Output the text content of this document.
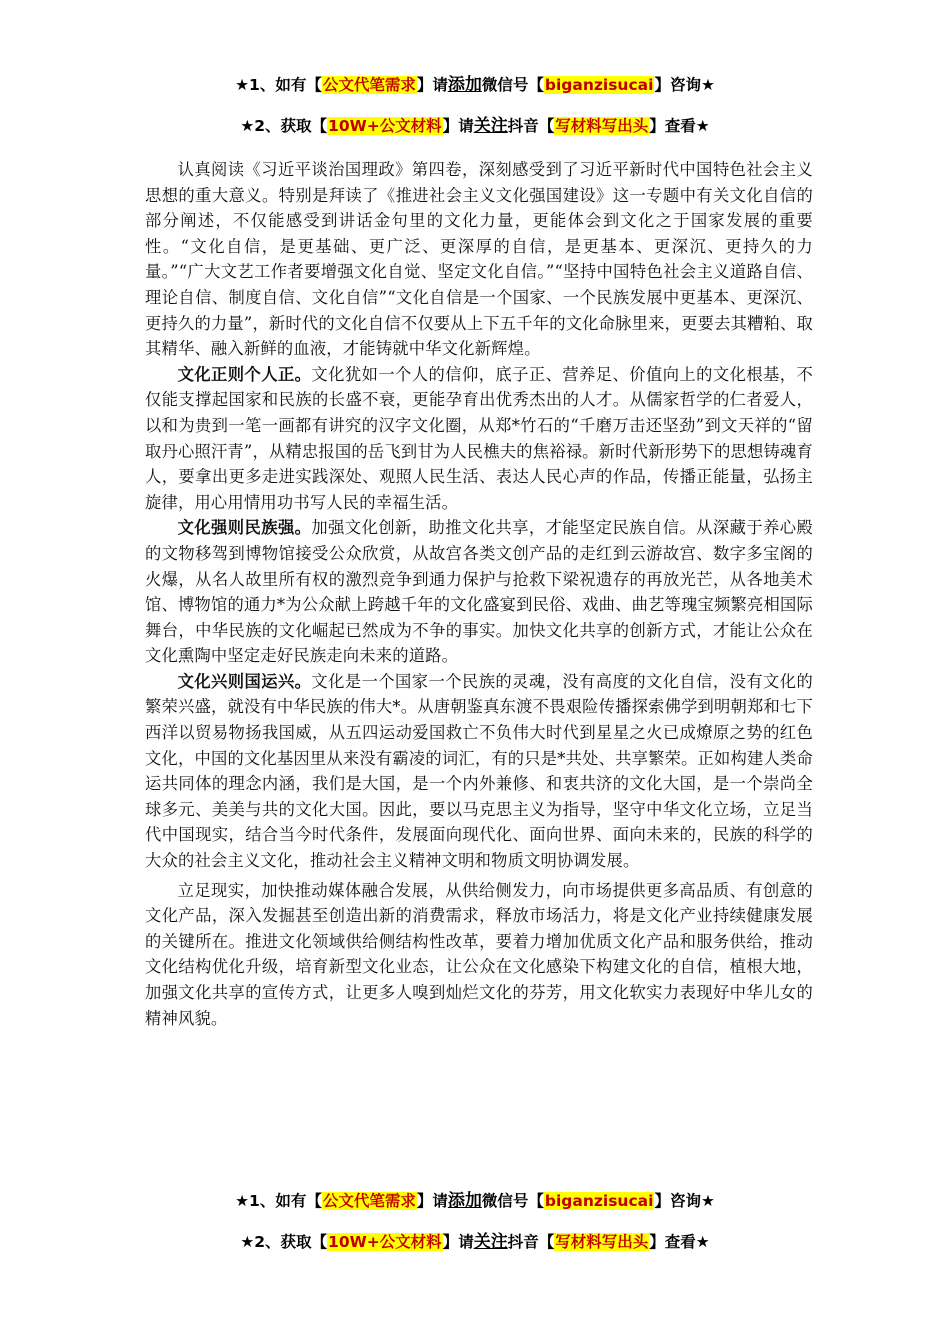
★1、如有【公文代笔需求】请添加微信号【biganzisucai】咨询★
★2、获取【10W+公文材料】请关注抖音【写材料写出头】查看★

认真阅读《习近平谈治国理政》第四卷，深刻感受到了习近平新时代中国特色社会主义思想的重大意义。特别是拜读了《推进社会主义文化强国建设》这一专题中有关文化自信的部分阐述，不仅能感受到讲话金句里的文化力量，更能体会到文化之于国家发展的重要性。“文化自信，是更基础、更广泛、更深厚的自信，是更基本、更深沉、更持久的力量。”“广大文艺工作者要增强文化自觉、坚定文化自信。”“坚持中国特色社会主义道路自信、理论自信、制度自信、文化自信”“文化自信是一个国家、一个民族发展中更基本、更深沉、更持久的力量”，新时代的文化自信不仅要从上下五千年的文化命脉里来，更要去其糟粕、取其精华、融入新鲜的血液，才能铸就中华文化新辉煌。

文化正则个人正。文化犹如一个人的信仰，底子正、营养足、价值向上的文化根基，不仅能支撑起国家和民族的长盛不衰，更能孕育出优秀杰出的人才。从儒家哲学的仁者爱人，以和为贵到一笔一画都有讲究的汉字文化圈，从郑*竹石的“千磨万击还坚劲”到文天祥的“留取丹心照汗青”，从精忠报国的岳飞到甘为人民樵夫的焦裕禄。新时代新形势下的思想铸魂育人，要拿出更多走进实践深处、观照人民生活、表达人民心声的作品，传播正能量，弘扬主旋律，用心用情用功书写人民的幸福生活。

文化强则民族强。加强文化创新，助推文化共享，才能坚定民族自信。从深藏于养心殿的文物移驾到博物馆接受公众欣赏，从故宫各类文创产品的走红到云游故宫、数字多宝阁的火爆，从名人故里所有权的激烈竞争到通力保护与抢救下梁祝遗存的再放光芒，从各地美术馆、博物馆的通力*为公众献上跨越千年的文化盛宴到民俗、戏曲、曲艺等瑰宝频繁亮相国际舞台，中华民族的文化崛起已然成为不争的事实。加快文化共享的创新方式，才能让公众在文化熏陶中坚定走好民族走向未来的道路。

文化兴则国运兴。文化是一个国家一个民族的灵魂，没有高度的文化自信，没有文化的繁荣兴盛，就没有中华民族的伟大*。从唐朝鉴真东渡不畏艰险传播探索佛学到明朝郑和七下西洋以贸易物扬我国威，从五四运动爱国救亡不负伟大时代到星星之火已成燎原之势的红色文化，中国的文化基因里从来没有霸凌的词汇，有的只是*共处、共享繁荣。正如构建人类命运共同体的理念内涵，我们是大国，是一个内外兼修、和衷共济的文化大国，是一个崇尚全球多元、美美与共的文化大国。因此，要以马克思主义为指导，坚守中华文化立场，立足当代中国现实，结合当今时代条件，发展面向现代化、面向世界、面向未来的，民族的科学的大众的社会主义文化，推动社会主义精神文明和物质文明协调发展。

立足现实，加快推动媒体融合发展，从供给侧发力，向市场提供更多高品质、有创意的文化产品，深入发掘甚至创造出新的消费需求，释放市场活力，将是文化产业持续健康发展的关键所在。推进文化领域供给侧结构性改革，要着力增加优质文化产品和服务供给，推动文化结构优化升级，培育新型文化业态，让公众在文化感染下构建文化的自信，植根大地，加强文化共享的宣传方式，让更多人嗅到灿烂文化的芬芳，用文化软实力表现好中华儿女的精神风貌。

★1、如有【公文代笔需求】请添加微信号【biganzisucai】咨询★
★2、获取【10W+公文材料】请关注抖音【写材料写出头】查看★
